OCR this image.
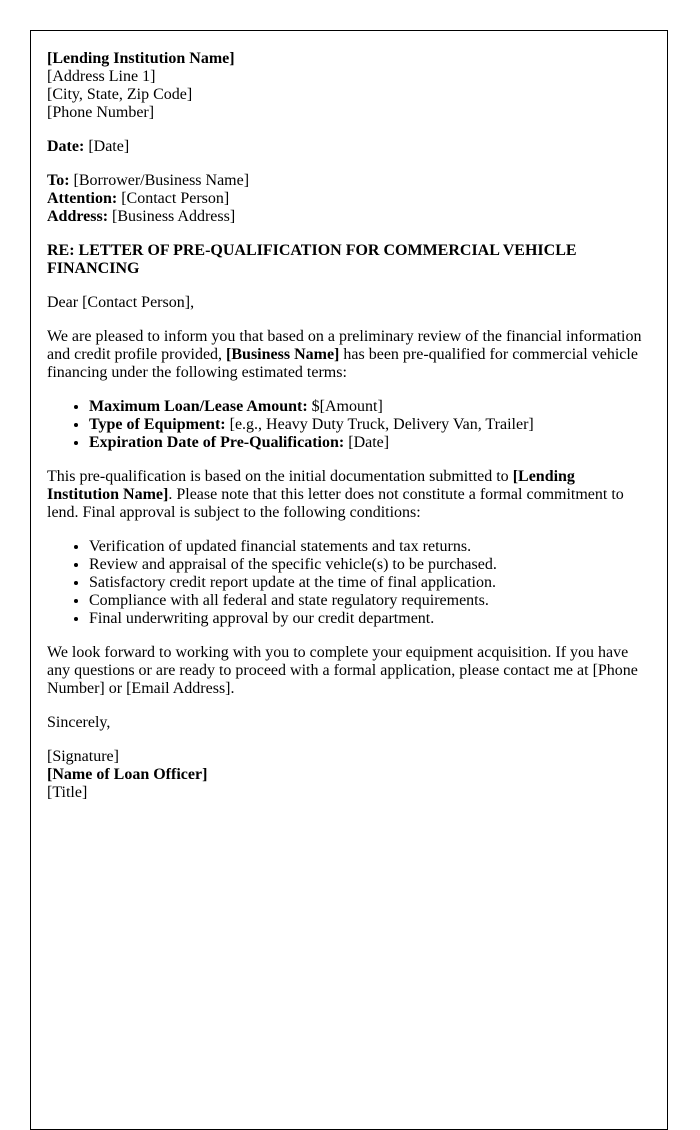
[Lending Institution Name]
[Address Line 1]
[City, State, Zip Code]
[Phone Number]
Date: [Date]
To: [Borrower/Business Name]
Attention: [Contact Person]
Address: [Business Address]

RE: LETTER OF PRE-QUALIFICATION FOR COMMERCIAL VEHICLE FINANCING

Dear [Contact Person],

We are pleased to inform you that based on a preliminary review of the financial information and credit profile provided, [Business Name] has been pre-qualified for commercial vehicle financing under the following estimated terms:

• Maximum Loan/Lease Amount: $[Amount]
• Type of Equipment: [e.g., Heavy Duty Truck, Delivery Van, Trailer]
• Expiration Date of Pre-Qualification: [Date]

This pre-qualification is based on the initial documentation submitted to [Lending Institution Name]. Please note that this letter does not constitute a formal commitment to lend. Final approval is subject to the following conditions:

• Verification of updated financial statements and tax returns.
• Review and appraisal of the specific vehicle(s) to be purchased.
• Satisfactory credit report update at the time of final application.
• Compliance with all federal and state regulatory requirements.
• Final underwriting approval by our credit department.

We look forward to working with you to complete your equipment acquisition. If you have any questions or are ready to proceed with a formal application, please contact me at [Phone Number] or [Email Address].

Sincerely,

[Signature]
[Name of Loan Officer]
[Title]
